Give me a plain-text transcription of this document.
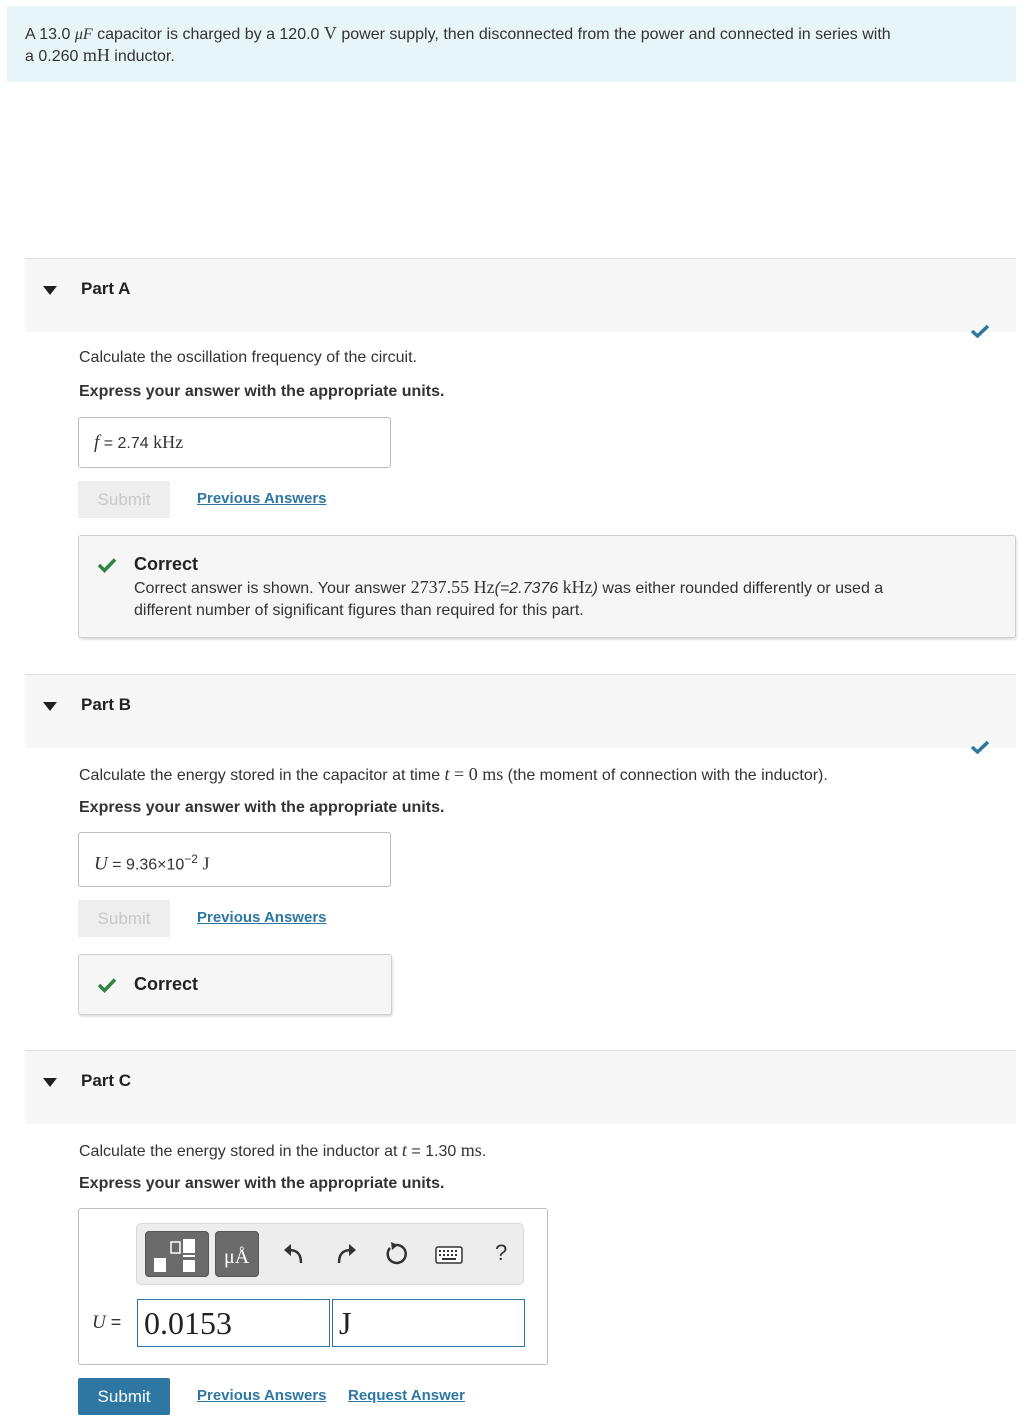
A 13.0 μF capacitor is charged by a 120.0 V power supply, then disconnected from the power and connected in series with
a 0.260 mH inductor.
Part A
Calculate the oscillation frequency of the circuit.
Express your answer with the appropriate units.
f = 2.74 kHz
Submit	Previous Answers
Correct
Correct answer is shown. Your answer 2737.55 Hz(=2.7376 kHz) was either rounded differently or used a
different number of significant figures than required for this part.
Part B
Calculate the energy stored in the capacitor at time t = 0 ms (the moment of connection with the inductor).
Express your answer with the appropriate units.
$U = 9.36\times 10^{-2}$ J
Submit	Previous Answers
Correct
Part C
Calculate the energy stored in the inductor at t = 1.30 ms.
Express your answer with the appropriate units.
μÅ	?
U = 0.0153	J
Submit	Previous Answers Request Answer
